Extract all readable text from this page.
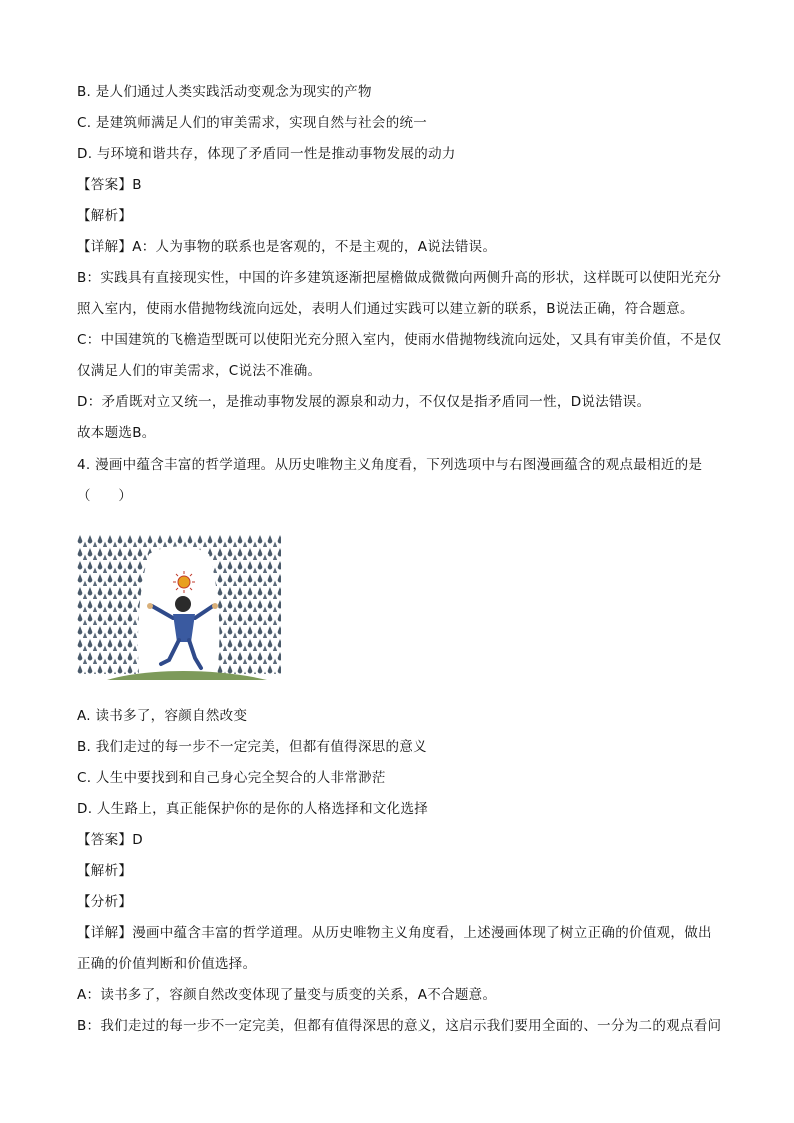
B. 是人们通过人类实践活动变观念为现实的产物
C. 是建筑师满足人们的审美需求，实现自然与社会的统一
D. 与环境和谐共存，体现了矛盾同一性是推动事物发展的动力
【答案】B
【解析】
【详解】A：人为事物的联系也是客观的，不是主观的，A说法错误。
B：实践具有直接现实性，中国的许多建筑逐渐把屋檐做成微微向两侧升高的形状，这样既可以使阳光充分
照入室内，使雨水借抛物线流向远处，表明人们通过实践可以建立新的联系，B说法正确，符合题意。
C：中国建筑的飞檐造型既可以使阳光充分照入室内，使雨水借抛物线流向远处，又具有审美价值，不是仅
仅满足人们的审美需求，C说法不准确。
D：矛盾既对立又统一，是推动事物发展的源泉和动力，不仅仅是指矛盾同一性，D说法错误。
故本题选B。
4. 漫画中蕴含丰富的哲学道理。从历史唯物主义角度看，下列选项中与右图漫画蕴含的观点最相近的是
（　　）
A. 读书多了，容颜自然改变
B. 我们走过的每一步不一定完美，但都有值得深思的意义
C. 人生中要找到和自己身心完全契合的人非常渺茫
D. 人生路上，真正能保护你的是你的人格选择和文化选择
【答案】D
【解析】
【分析】
【详解】漫画中蕴含丰富的哲学道理。从历史唯物主义角度看，上述漫画体现了树立正确的价值观，做出
正确的价值判断和价值选择。
A：读书多了，容颜自然改变体现了量变与质变的关系，A不合题意。
B：我们走过的每一步不一定完美，但都有值得深思的意义，这启示我们要用全面的、一分为二的观点看问
